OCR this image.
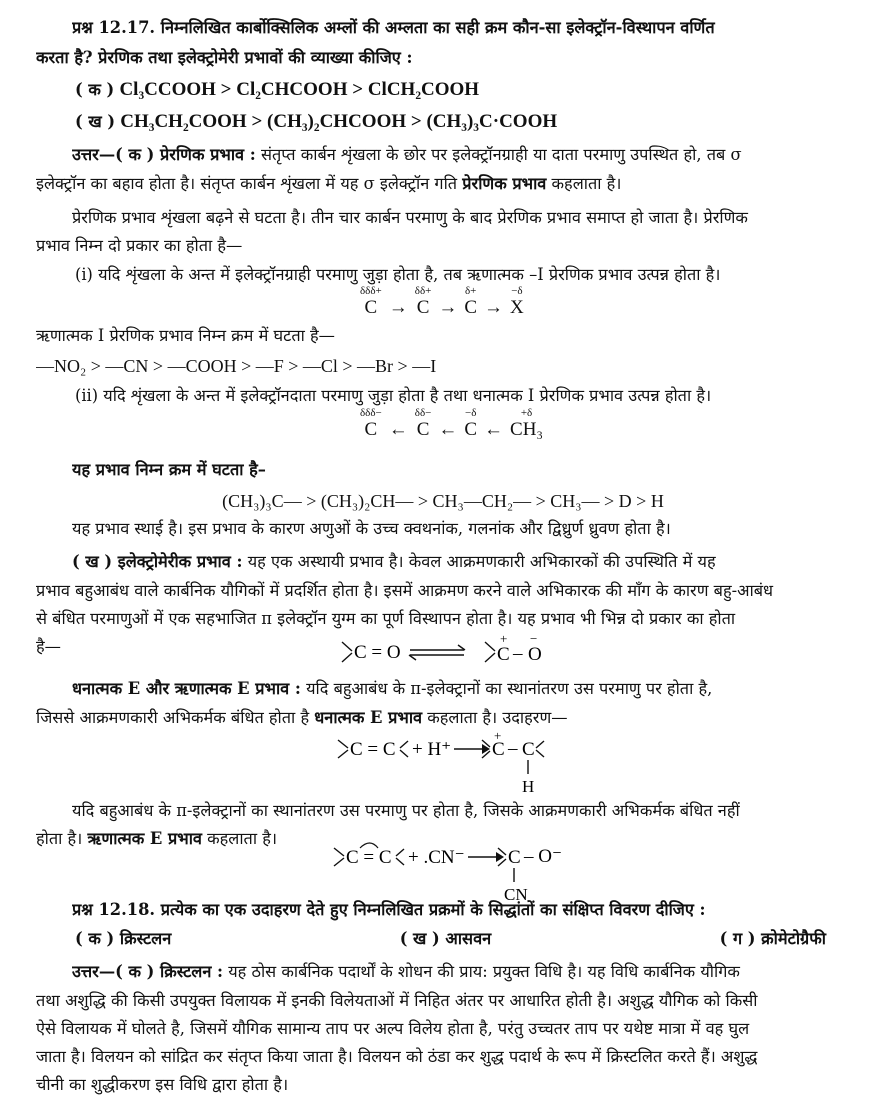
प्रश्न 12.17. निम्नलिखित कार्बोक्सिलिक अम्लों की अम्लता का सही क्रम कौन-सा इलेक्ट्रॉन-विस्थापन वर्णित
करता है? प्रेरणिक तथा इलेक्ट्रोमेरी प्रभावों की व्याख्या कीजिए :
( क ) Cl₃CCOOH > Cl₂CHCOOH > ClCH₂COOH
( ख ) CH₃CH₂COOH > (CH₃)₂CHCOOH > (CH₃)₃C·COOH
उत्तर—( क ) प्रेरणिक प्रभाव : संतृप्त कार्बन शृंखला के छोर पर इलेक्ट्रॉनग्राही या दाता परमाणु उपस्थित हो, तब σ
इलेक्ट्रॉन का बहाव होता है। संतृप्त कार्बन शृंखला में यह σ इलेक्ट्रॉन गति प्रेरणिक प्रभाव कहलाता है।
प्रेरणिक प्रभाव शृंखला बढ़ने से घटता है। तीन चार कार्बन परमाणु के बाद प्रेरणिक प्रभाव समाप्त हो जाता है। प्रेरणिक
प्रभाव निम्न दो प्रकार का होता है—
(i) यदि शृंखला के अन्त में इलेक्ट्रॉनग्राही परमाणु जुड़ा होता है, तब ऋणात्मक –I प्रेरणिक प्रभाव उत्पन्न होता है।
δδδ+
C →
δδ+
C →
δ+
C →
−δ
X
ऋणात्मक I प्रेरणिक प्रभाव निम्न क्रम में घटता है—
—NO₂ > —CN > —COOH > —F > —Cl > —Br > —I
(ii) यदि शृंखला के अन्त में इलेक्ट्रॉनदाता परमाणु जुड़ा होता है तथा धनात्मक I प्रेरणिक प्रभाव उत्पन्न होता है।
δδδ−
C ←
δδ−
C ←
−δ
C ←
+δ
CH₃
यह प्रभाव निम्न क्रम में घटता है–
(CH₃)₃C— > (CH₃)₂CH— > CH₃—CH₂— > CH₃— > D > H
यह प्रभाव स्थाई है। इस प्रभाव के कारण अणुओं के उच्च क्वथनांक, गलनांक और द्विध्रुर्ण ध्रुवण होता है।
( ख ) इलेक्ट्रोमेरीक प्रभाव : यह एक अस्थायी प्रभाव है। केवल आक्रमणकारी अभिकारकों की उपस्थिति में यह
प्रभाव बहुआबंध वाले कार्बनिक यौगिकों में प्रदर्शित होता है। इसमें आक्रमण करने वाले अभिकारक की माँग के कारण बहु-आबंध
से बंधित परमाणुओं में एक सहभाजित π इलेक्ट्रॉन युग्म का पूर्ण विस्थापन होता है। यह प्रभाव भी भिन्न दो प्रकार का होता
है—	C = O	C
+
– O
−
धनात्मक E और ऋणात्मक E प्रभाव : यदि बहुआबंध के π-इलेक्ट्रानों का स्थानांतरण उस परमाणु पर होता है,
जिससे आक्रमणकारी अभिकर्मक बंधित होता है धनात्मक E प्रभाव कहलाता है। उदाहरण—
C = C + H⁺ C
+
– C
H
यदि बहुआबंध के π-इलेक्ट्रानों का स्थानांतरण उस परमाणु पर होता है, जिसके आक्रमणकारी अभिकर्मक बंधित नहीं
होता है। ऋणात्मक E प्रभाव कहलाता है।
C = C + .CN⁻ C – O⁻
CN
प्रश्न 12.18. प्रत्येक का एक उदाहरण देते हुए निम्नलिखित प्रक्रमों के सिद्धांतों का संक्षिप्त विवरण दीजिए :
( क ) क्रिस्टलन	( ख ) आसवन	( ग ) क्रोमेटोग्रैफी
उत्तर—( क ) क्रिस्टलन : यह ठोस कार्बनिक पदार्थों के शोधन की प्राय: प्रयुक्त विधि है। यह विधि कार्बनिक यौगिक
तथा अशुद्धि की किसी उपयुक्त विलायक में इनकी विलेयताओं में निहित अंतर पर आधारित होती है। अशुद्ध यौगिक को किसी
ऐसे विलायक में घोलते है, जिसमें यौगिक सामान्य ताप पर अल्प विलेय होता है, परंतु उच्चतर ताप पर यथेष्ट मात्रा में वह घुल
जाता है। विलयन को सांद्रित कर संतृप्त किया जाता है। विलयन को ठंडा कर शुद्ध पदार्थ के रूप में क्रिस्टलित करते हैं। अशुद्ध
चीनी का शुद्धीकरण इस विधि द्वारा होता है।
